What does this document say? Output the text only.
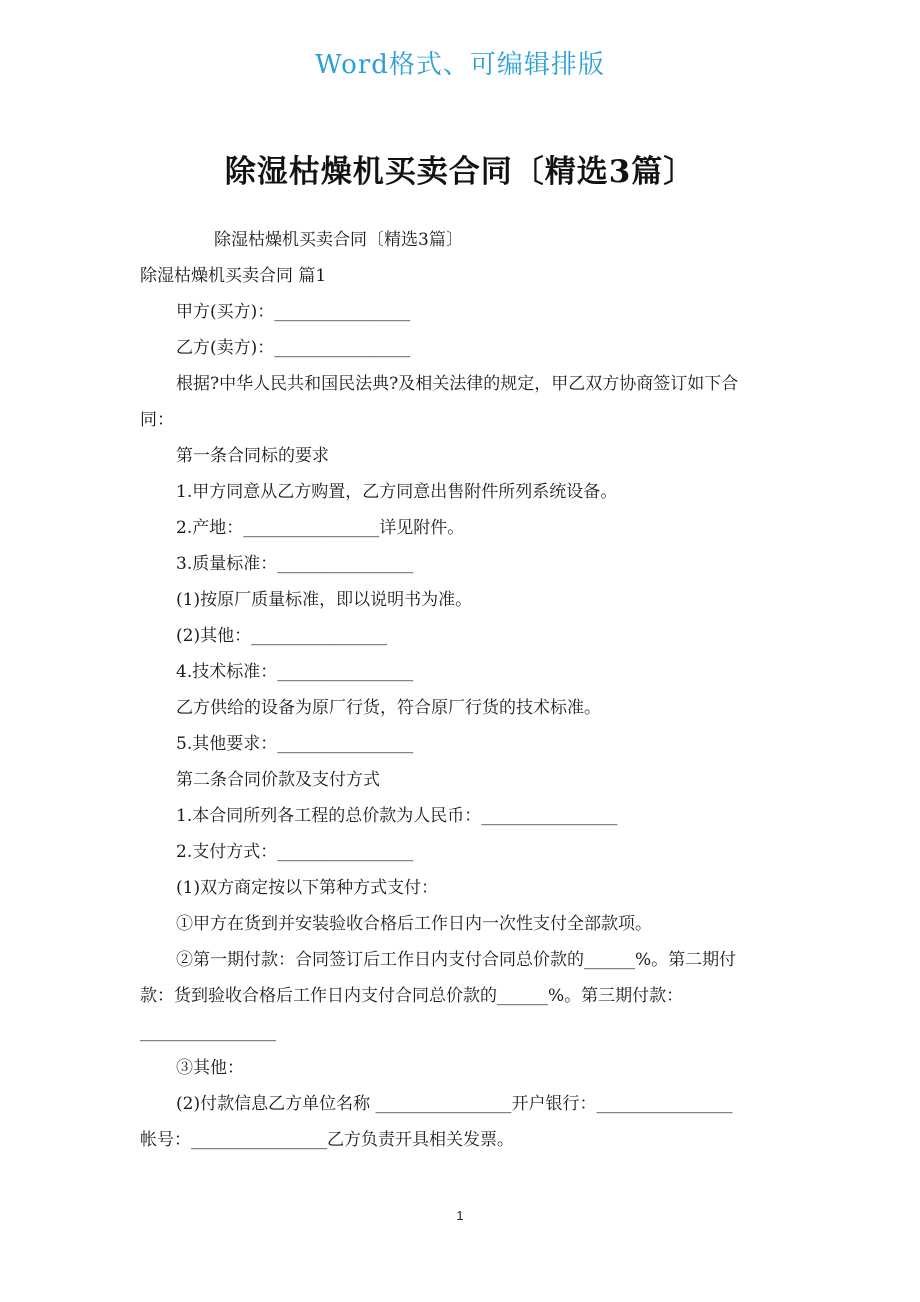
Word格式、可编辑排版
除湿枯燥机买卖合同〔精选3篇〕
除湿枯燥机买卖合同〔精选3篇〕
除湿枯燥机买卖合同 篇1
甲方(买方)：________________
乙方(卖方)：________________
根据?中华人民共和国民法典?及相关法律的规定，甲乙双方协商签订如下合
同：
第一条合同标的要求
1.甲方同意从乙方购置，乙方同意出售附件所列系统设备。
2.产地：________________详见附件。
3.质量标准：________________
(1)按原厂质量标准，即以说明书为准。
(2)其他：________________
4.技术标准：________________
乙方供给的设备为原厂行货，符合原厂行货的技术标准。
5.其他要求：________________
第二条合同价款及支付方式
1.本合同所列各工程的总价款为人民币：________________
2.支付方式：________________
(1)双方商定按以下第种方式支付：
①甲方在货到并安装验收合格后工作日内一次性支付全部款项。
②第一期付款：合同签订后工作日内支付合同总价款的______%。第二期付
款：货到验收合格后工作日内支付合同总价款的______%。第三期付款：
________________
③其他：
(2)付款信息乙方单位名称 ________________开户银行：________________
帐号：________________乙方负责开具相关发票。
1
